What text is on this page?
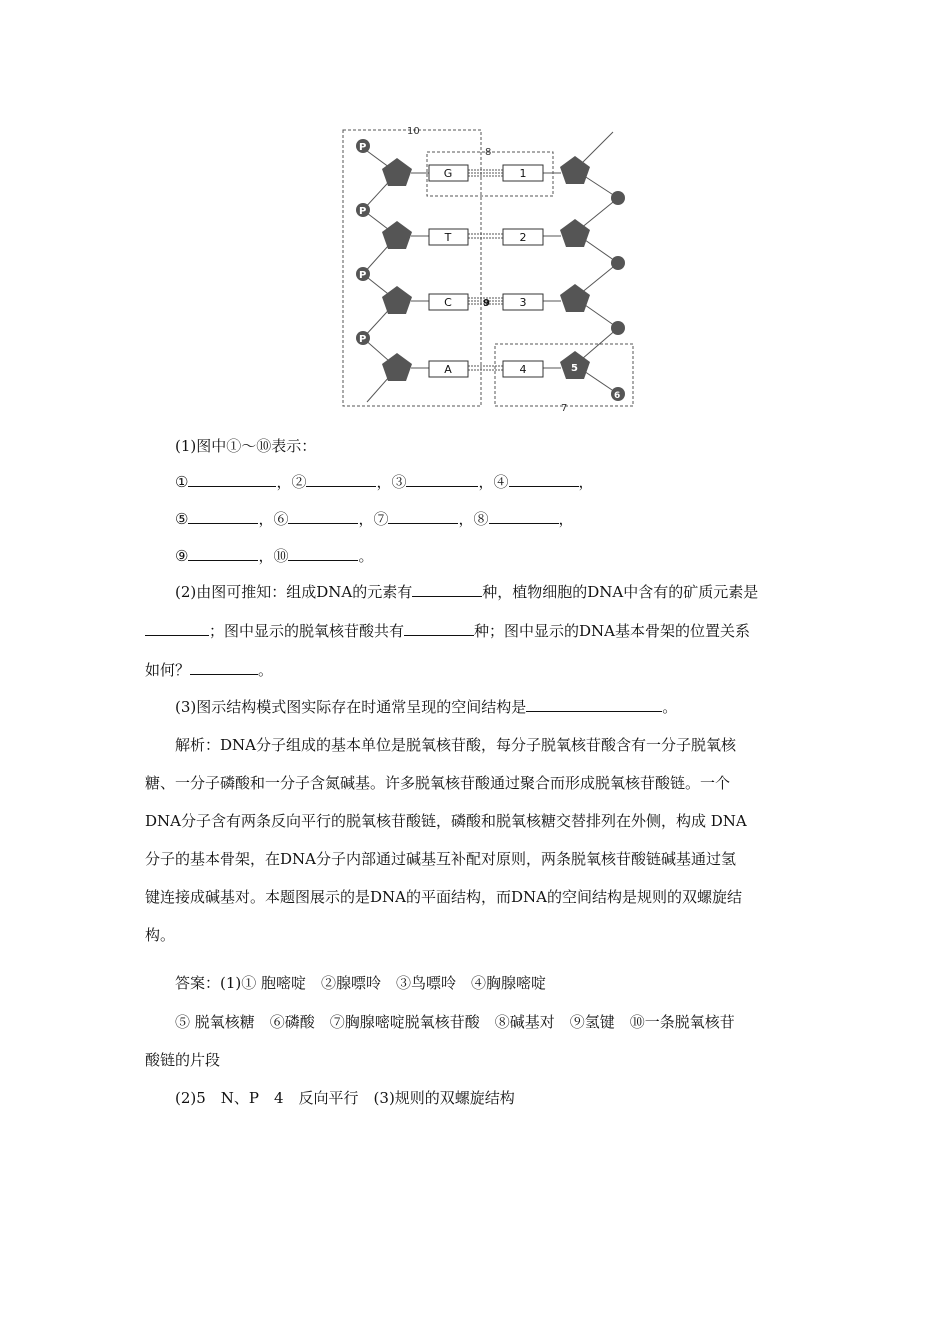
10
8
7
9
P
P
P
P
6
5
G
T
C
A
1
2
3
4
(1)图中①～⑩表示：
①	，②	，③	，④	，
⑤	，⑥	，⑦	，⑧	，
⑨	，⑩	。
(2)由图可推知：组成DNA的元素有	种，植物细胞的DNA中含有的矿质元素是
；图中显示的脱氧核苷酸共有	种；图中显示的DNA基本骨架的位置关系
如何？	。
(3)图示结构模式图实际存在时通常呈现的空间结构是	。
解析：DNA分子组成的基本单位是脱氧核苷酸，每分子脱氧核苷酸含有一分子脱氧核
糖、一分子磷酸和一分子含氮碱基。许多脱氧核苷酸通过聚合而形成脱氧核苷酸链。一个
DNA分子含有两条反向平行的脱氧核苷酸链，磷酸和脱氧核糖交替排列在外侧，构成 DNA
分子的基本骨架，在DNA分子内部通过碱基互补配对原则，两条脱氧核苷酸链碱基通过氢
键连接成碱基对。本题图展示的是DNA的平面结构，而DNA的空间结构是规则的双螺旋结
构。
答案：(1)① 胞嘧啶　②腺嘌呤　③鸟嘌呤　④胸腺嘧啶
⑤ 脱氧核糖　⑥磷酸　⑦胸腺嘧啶脱氧核苷酸　⑧碱基对　⑨氢键　⑩一条脱氧核苷
酸链的片段
(2)5　N、P　4　反向平行　(3)规则的双螺旋结构
